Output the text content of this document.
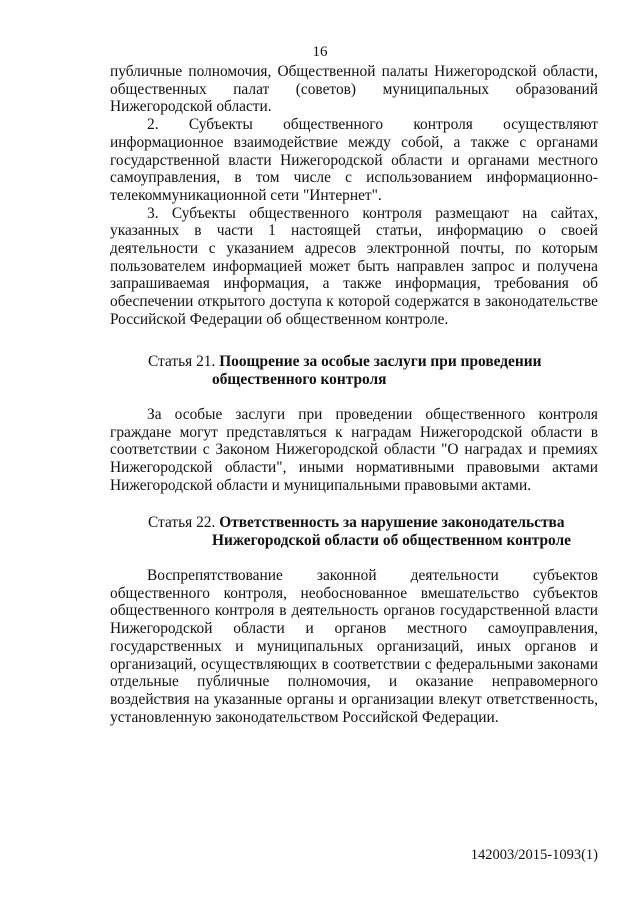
16

публичные полномочия, Общественной палаты Нижегородской области, общественных палат (советов) муниципальных образований Нижегородской области.

2. Субъекты общественного контроля осуществляют информационное взаимодействие между собой, а также с органами государственной власти Нижегородской области и органами местного самоуправления, в том числе с использованием информационно-телекоммуникационной сети "Интернет".

3. Субъекты общественного контроля размещают на сайтах, указанных в части 1 настоящей статьи, информацию о своей деятельности с указанием адресов электронной почты, по которым пользователем информацией может быть направлен запрос и получена запрашиваемая информация, а также информация, требования об обеспечении открытого доступа к которой содержатся в законодательстве Российской Федерации об общественном контроле.

Статья 21. Поощрение за особые заслуги при проведении
общественного контроля

За особые заслуги при проведении общественного контроля граждане могут представляться к наградам Нижегородской области в соответствии с Законом Нижегородской области "О наградах и премиях Нижегородской области", иными нормативными правовыми актами Нижегородской области и муниципальными правовыми актами.

Статья 22. Ответственность за нарушение законодательства
Нижегородской области об общественном контроле

Воспрепятствование законной деятельности субъектов общественного контроля, необоснованное вмешательство субъектов общественного контроля в деятельность органов государственной власти Нижегородской области и органов местного самоуправления, государственных и муниципальных организаций, иных органов и организаций, осуществляющих в соответствии с федеральными законами отдельные публичные полномочия, и оказание неправомерного воздействия на указанные органы и организации влекут ответственность, установленную законодательством Российской Федерации.

142003/2015-1093(1)
